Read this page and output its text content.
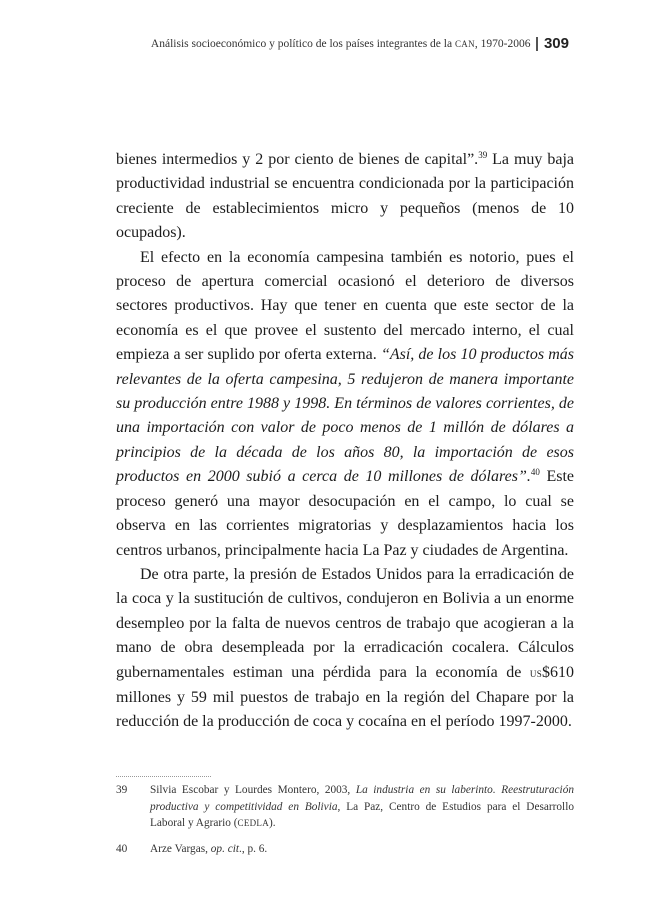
Análisis socioeconómico y político de los países integrantes de la CAN, 1970-2006 309

bienes intermedios y 2 por ciento de bienes de capital”.$^{39}$ La muy baja productividad industrial se encuentra condicionada por la participación creciente de establecimientos micro y pequeños (menos de 10 ocupados).

El efecto en la economía campesina también es notorio, pues el proceso de apertura comercial ocasionó el deterioro de diversos sectores productivos. Hay que tener en cuenta que este sector de la economía es el que provee el sustento del mercado interno, el cual empieza a ser suplido por oferta externa. “Así, de los 10 productos más relevantes de la oferta campesina, 5 redujeron de manera importante su producción entre 1988 y 1998. En términos de valores corrientes, de una importación con valor de poco menos de 1 millón de dólares a principios de la década de los años 80, la importación de esos productos en 2000 subió a cerca de 10 millones de dólares”.$^{40}$ Este proceso generó una mayor desocupación en el campo, lo cual se observa en las corrientes migratorias y desplazamientos hacia los centros urbanos, principalmente hacia La Paz y ciudades de Argentina.

De otra parte, la presión de Estados Unidos para la erradicación de la coca y la sustitución de cultivos, condujeron en Bolivia a un enorme desempleo por la falta de nuevos centros de trabajo que acogieran a la mano de obra desempleada por la erradicación cocalera. Cálculos gubernamentales estiman una pérdida para la economía de US$610 millones y 59 mil puestos de trabajo en la región del Chapare por la reducción de la producción de coca y cocaína en el período 1997-2000.

39	Silvia Escobar y Lourdes Montero, 2003, La industria en su laberinto. Reestruturación productiva y competitividad en Bolivia, La Paz, Centro de Estudios para el Desarrollo Laboral y Agrario (CEDLA).
40	Arze Vargas, op. cit., p. 6.
